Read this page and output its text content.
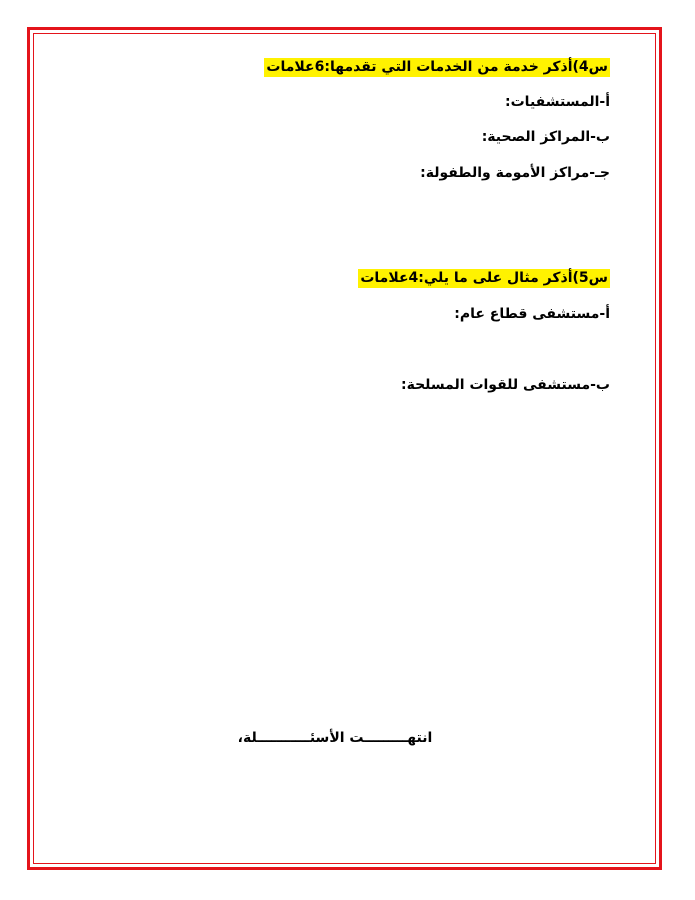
س4)أذكر خدمة من الخدمات التي تقدمها:6علامات
أ-المستشفيات:
ب-المراكز الصحية:
جـ-مراكز الأمومة والطفولة:
س5)أذكر مثال على ما يلي:4علامات
أ-مستشفى قطاع عام:
ب-مستشفى للقوات المسلحة:
انتهـــــــــت الأسئـــــــــــلة،
